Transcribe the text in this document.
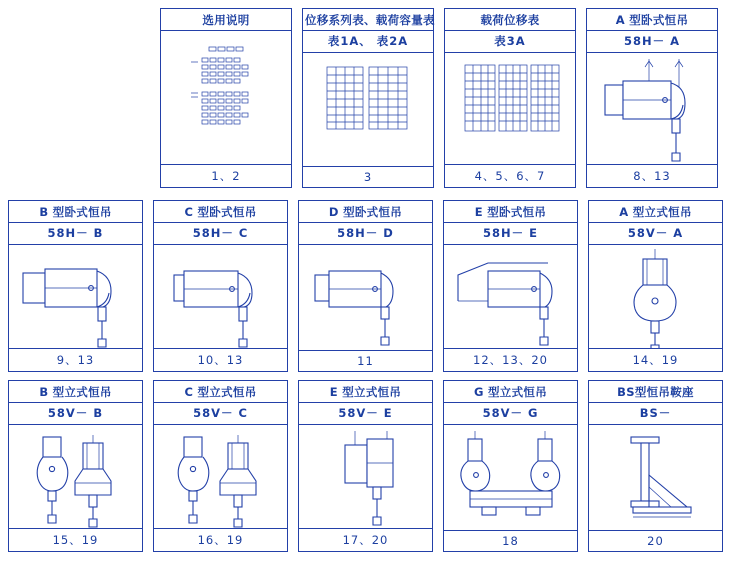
选用说明
1、2
位移系列表、载荷容量表
表1A、 表2A
3
载荷位移表
表3A
4、5、6、7
A 型卧式恒吊
58H－ A
8、13
B 型卧式恒吊
58H－ B
9、13
C 型卧式恒吊
58H－ C
10、13
D 型卧式恒吊
58H－ D
11
E 型卧式恒吊
58H－ E
12、13、20
A 型立式恒吊
58V－ A
14、19
B 型立式恒吊
58V－ B
15、19
C 型立式恒吊
58V－ C
16、19
E 型立式恒吊
58V－ E
17、20
G 型立式恒吊
58V－ G
18
BS型恒吊鞍座
BS－
20
